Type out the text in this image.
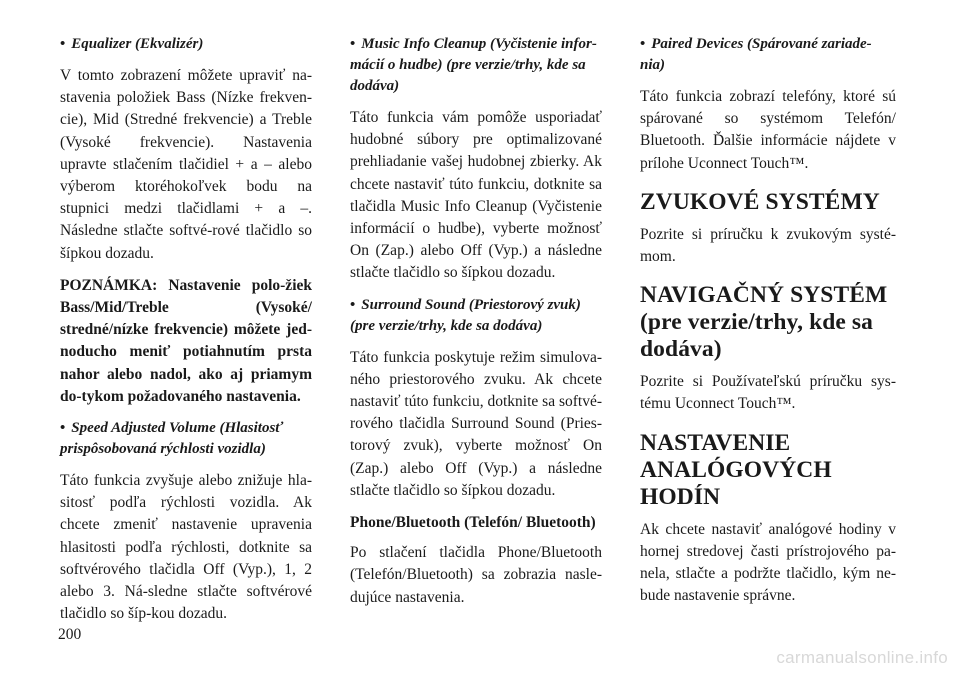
• Equalizer (Ekvalizér)

V tomto zobrazení môžete upraviť na-stavenia položiek Bass (Nízke frekven-cie), Mid (Stredné frekvencie) a Treble (Vysoké frekvencie). Nastavenia upravte stlačením tlačidiel + a – alebo výberom ktoréhokoľvek bodu na stupnici medzi tlačidlami + a –. Následne stlačte softvé-rové tlačidlo so šípkou dozadu.

POZNÁMKA: Nastavenie polo-žiek Bass/Mid/Treble (Vysoké/ stredné/nízke frekvencie) môžete jed-noducho meniť potiahnutím prsta nahor alebo nadol, ako aj priamym do-tykom požadovaného nastavenia.

• Speed Adjusted Volume (Hlasitosť prispôsobovaná rýchlosti vozidla)

Táto funkcia zvyšuje alebo znižuje hla-sitosť podľa rýchlosti vozidla. Ak chcete zmeniť nastavenie upravenia hlasitosti podľa rýchlosti, dotknite sa softvérového tlačidla Off (Vyp.), 1, 2 alebo 3. Ná-sledne stlačte softvérové tlačidlo so šíp-kou dozadu.

• Music Info Cleanup (Vyčistenie infor-mácií o hudbe) (pre verzie/trhy, kde sa dodáva)

Táto funkcia vám pomôže usporiadať hudobné súbory pre optimalizované prehliadanie vašej hudobnej zbierky. Ak chcete nastaviť túto funkciu, dotknite sa tlačidla Music Info Cleanup (Vyčistenie informácií o hudbe), vyberte možnosť On (Zap.) alebo Off (Vyp.) a následne stlačte tlačidlo so šípkou dozadu.

• Surround Sound (Priestorový zvuk) (pre verzie/trhy, kde sa dodáva)

Táto funkcia poskytuje režim simulova-ného priestorového zvuku. Ak chcete nastaviť túto funkciu, dotknite sa softvé-rového tlačidla Surround Sound (Pries-torový zvuk), vyberte možnosť On (Zap.) alebo Off (Vyp.) a následne stlačte tlačidlo so šípkou dozadu.

Phone/Bluetooth (Telefón/ Bluetooth)

Po stlačení tlačidla Phone/Bluetooth (Telefón/Bluetooth) sa zobrazia nasle-dujúce nastavenia.

• Paired Devices (Spárované zariade-nia)

Táto funkcia zobrazí telefóny, ktoré sú spárované so systémom Telefón/ Bluetooth. Ďalšie informácie nájdete v prílohe Uconnect Touch™.

ZVUKOVÉ SYSTÉMY

Pozrite si príručku k zvukovým systé-mom.

NAVIGAČNÝ SYSTÉM (pre verzie/trhy, kde sa dodáva)

Pozrite si Používateľskú príručku sys-tému Uconnect Touch™.

NASTAVENIE ANALÓGOVÝCH HODÍN

Ak chcete nastaviť analógové hodiny v hornej stredovej časti prístrojového pa-nela, stlačte a podržte tlačidlo, kým ne-bude nastavenie správne.

200
carmanualsonline.info
